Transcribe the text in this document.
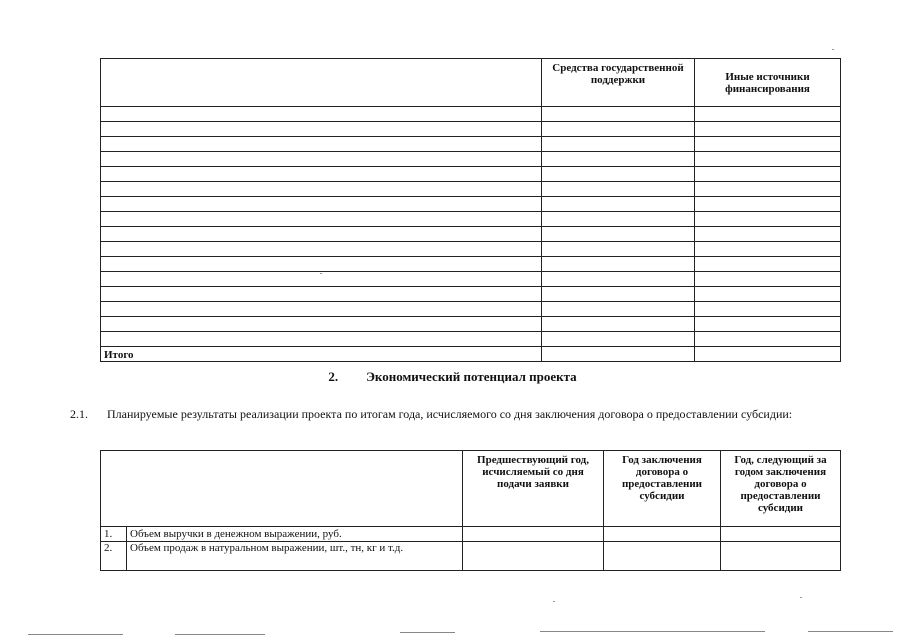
	Средства государственной поддержки	Иные источники финансирования

Итого		
2. Экономический потенциал проекта
2.1. Планируемые результаты реализации проекта по итогам года, исчисляемого со дня заключения договора о предоставлении субсидии:
		Предшествующий год, исчисляемый со дня подачи заявки	Год заключения договора о предоставлении субсидии	Год, следующий за годом заключения договора о предоставлении субсидии
1.	Объем выручки в денежном выражении, руб.			
2.	Объем продаж в натуральном выражении, шт., тн, кг и т.д.			
